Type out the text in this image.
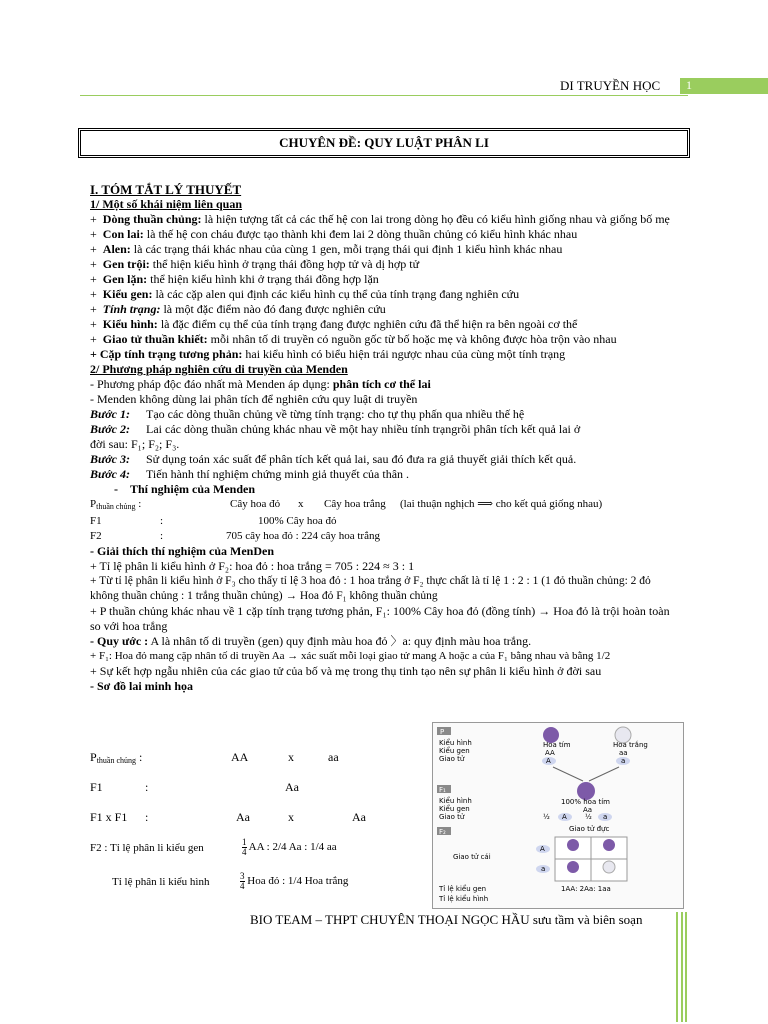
DI TRUYỀN HỌC 1
CHUYÊN ĐỀ: QUY LUẬT PHÂN LI

I. TÓM TẮT LÝ THUYẾT

1/ Một số khái niệm liên quan

+  Dòng thuần chủng: là hiện tượng tất cả các thế hệ con lai trong dòng họ đều có kiểu hình giống nhau và giống bố mẹ

+  Con lai: là thế hệ con cháu được tạo thành khi đem lai 2 dòng thuần chủng có kiểu hình khác nhau

+  Alen: là các trạng thái khác nhau của cùng 1 gen, mỗi trạng thái qui định 1 kiểu hình khác nhau

+  Gen trội: thể hiện kiểu hình ở trạng thái đồng hợp tử và dị hợp tử

+  Gen lặn: thể hiện kiểu hình khi ở trạng thái đồng hợp lặn

+  Kiểu gen: là các cặp alen qui định các kiểu hình cụ thể của tính trạng đang nghiên cứu

+  Tính trạng: là một đặc điểm nào đó đang được nghiên cứu

+  Kiểu hình: là đặc điểm cụ thể của tính trạng đang được nghiên cứu đã thể hiện ra bên ngoài cơ thể

+  Giao tử thuần khiết: mỗi nhân tố di truyền có nguồn gốc từ bố hoặc mẹ và không được hòa trộn vào nhau

+ Cặp tính trạng tương phản: hai kiểu hình có biểu hiện trái ngược nhau của cùng một tính trạng

2/ Phương pháp nghiên cứu di truyền của Menden

- Phương pháp độc đáo nhất mà Menden áp dụng: phân tích cơ thể lai

- Menden không dùng lai phân tích để nghiên cứu quy luật di truyền

Bước 1:	Tạo các dòng thuần chủng về từng tính trạng: cho tự thụ phấn qua nhiều thế hệ
Bước 2:	Lai các dòng thuần chủng khác nhau về một hay nhiều tính trạngrồi phân tích kết quả lai ở

đời sau: F₁; F₂; F₃.

Bước 3:	Sử dụng toán xác suất để phân tích kết quả lai, sau đó đưa ra giả thuyết giải thích kết quả.
Bước 4:	Tiến hành thí nghiệm chứng minh giả thuyết của thân .

-    Thí nghiệm của Menden

$P_{thuần chủng}$ :	Cây hoa đỏ	x	Cây hoa trắng	(lai thuận nghịch ⟹ cho kết quả giống nhau)
F1	:	100% Cây hoa đỏ
F2	:	705 cây hoa đỏ : 224 cây hoa trắng

- Giải thích thí nghiệm của MenDen

+ Tỉ lệ phân li kiểu hình ở F₂: hoa đỏ : hoa trắng = 705 : 224 ≈ 3 : 1

+ Từ tỉ lệ phân li kiểu hình ở F₃ cho thấy tỉ lệ 3 hoa đỏ : 1 hoa trắng ở F₂ thực chất là tỉ lệ 1 : 2 : 1 (1 đỏ thuần chủng: 2 đỏ không thuần chủng : 1 trắng thuần chủng) → Hoa đỏ F₁ không thuần chủng

+ P thuần chủng khác nhau về 1 cặp tính trạng tương phản, F₁: 100% Cây hoa đỏ (đồng tính) → Hoa đỏ là trội hoàn toàn so với hoa trắng

- Quy ước : A là nhân tố di truyền (gen) quy định màu hoa đỏ 〉a: quy định màu hoa trắng.

+ F₁: Hoa đỏ mang cặp nhân tố di truyền Aa → xác suất mỗi loại giao tử mang A hoặc a của F₁ bằng nhau và bằng 1/2

+ Sự kết hợp ngẫu nhiên của các giao tử của bố và mẹ trong thụ tinh tạo nên sự phân li kiểu hình ở đời sau

- Sơ đồ lai minh họa

$P_{thuần chủng}$ :	AA	x	aa
F1	:	Aa
F1 x F1 :	Aa	x	Aa
F2 : Tỉ lệ phân li kiểu gen	$\frac{1}{4}$ AA : 2/4 Aa : 1/4 aa
Tỉ lệ phân li kiểu hình	$\frac{3}{4}$ Hoa đỏ : 1/4 Hoa trắng
P
Kiểu hình
Kiểu gen
Giao tử
Hoa tím	Hoa trắng
AA	aa
A	a
F₁
Kiểu hình
Kiểu gen
Giao tử
100% hoa tím
Aa
½ A	½ a
F₂	Giao tử đực
Giao tử cái
A
a
Tỉ lệ kiểu gen	1AA: 2Aa: 1aa
Tỉ lệ kiểu hình
BIO TEAM – THPT CHUYÊN THOẠI NGỌC HẦU sưu tầm và biên soạn
